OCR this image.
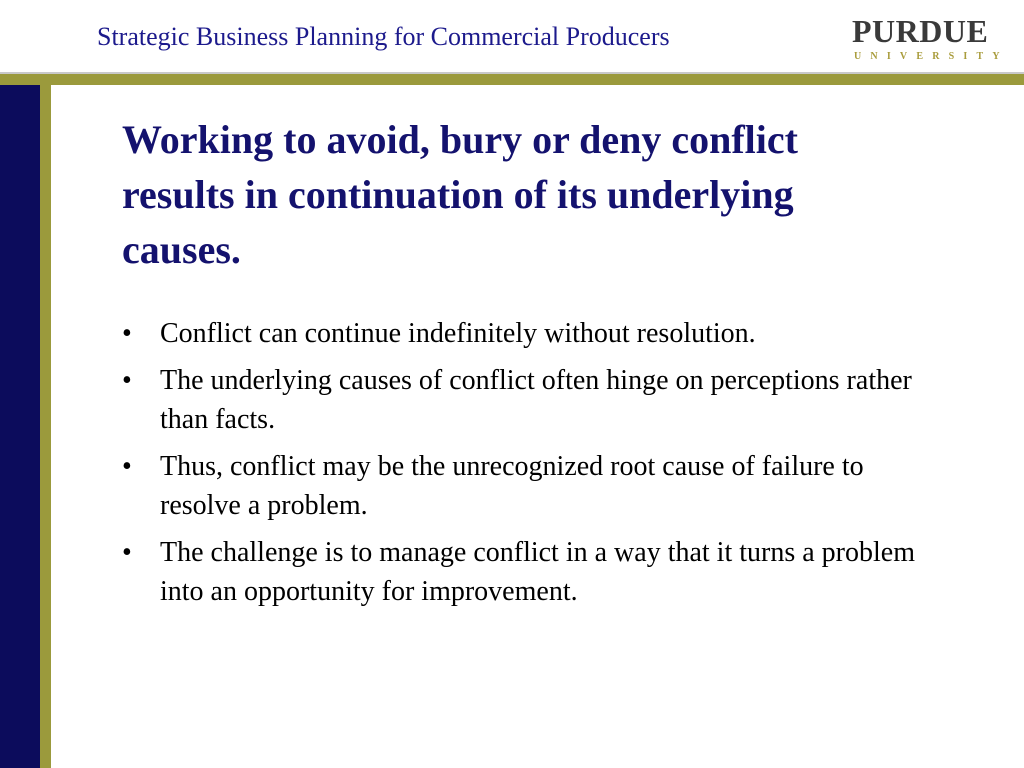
Strategic Business Planning for Commercial Producers	PURDUE
UNIVERSITY
Working to avoid, bury or deny conflict results in continuation of its underlying causes.
• Conflict can continue indefinitely without resolution.
• The underlying causes of conflict often hinge on perceptions rather than facts.
• Thus, conflict may be the unrecognized root cause of failure to resolve a problem.
• The challenge is to manage conflict in a way that it turns a problem into an opportunity for improvement.
